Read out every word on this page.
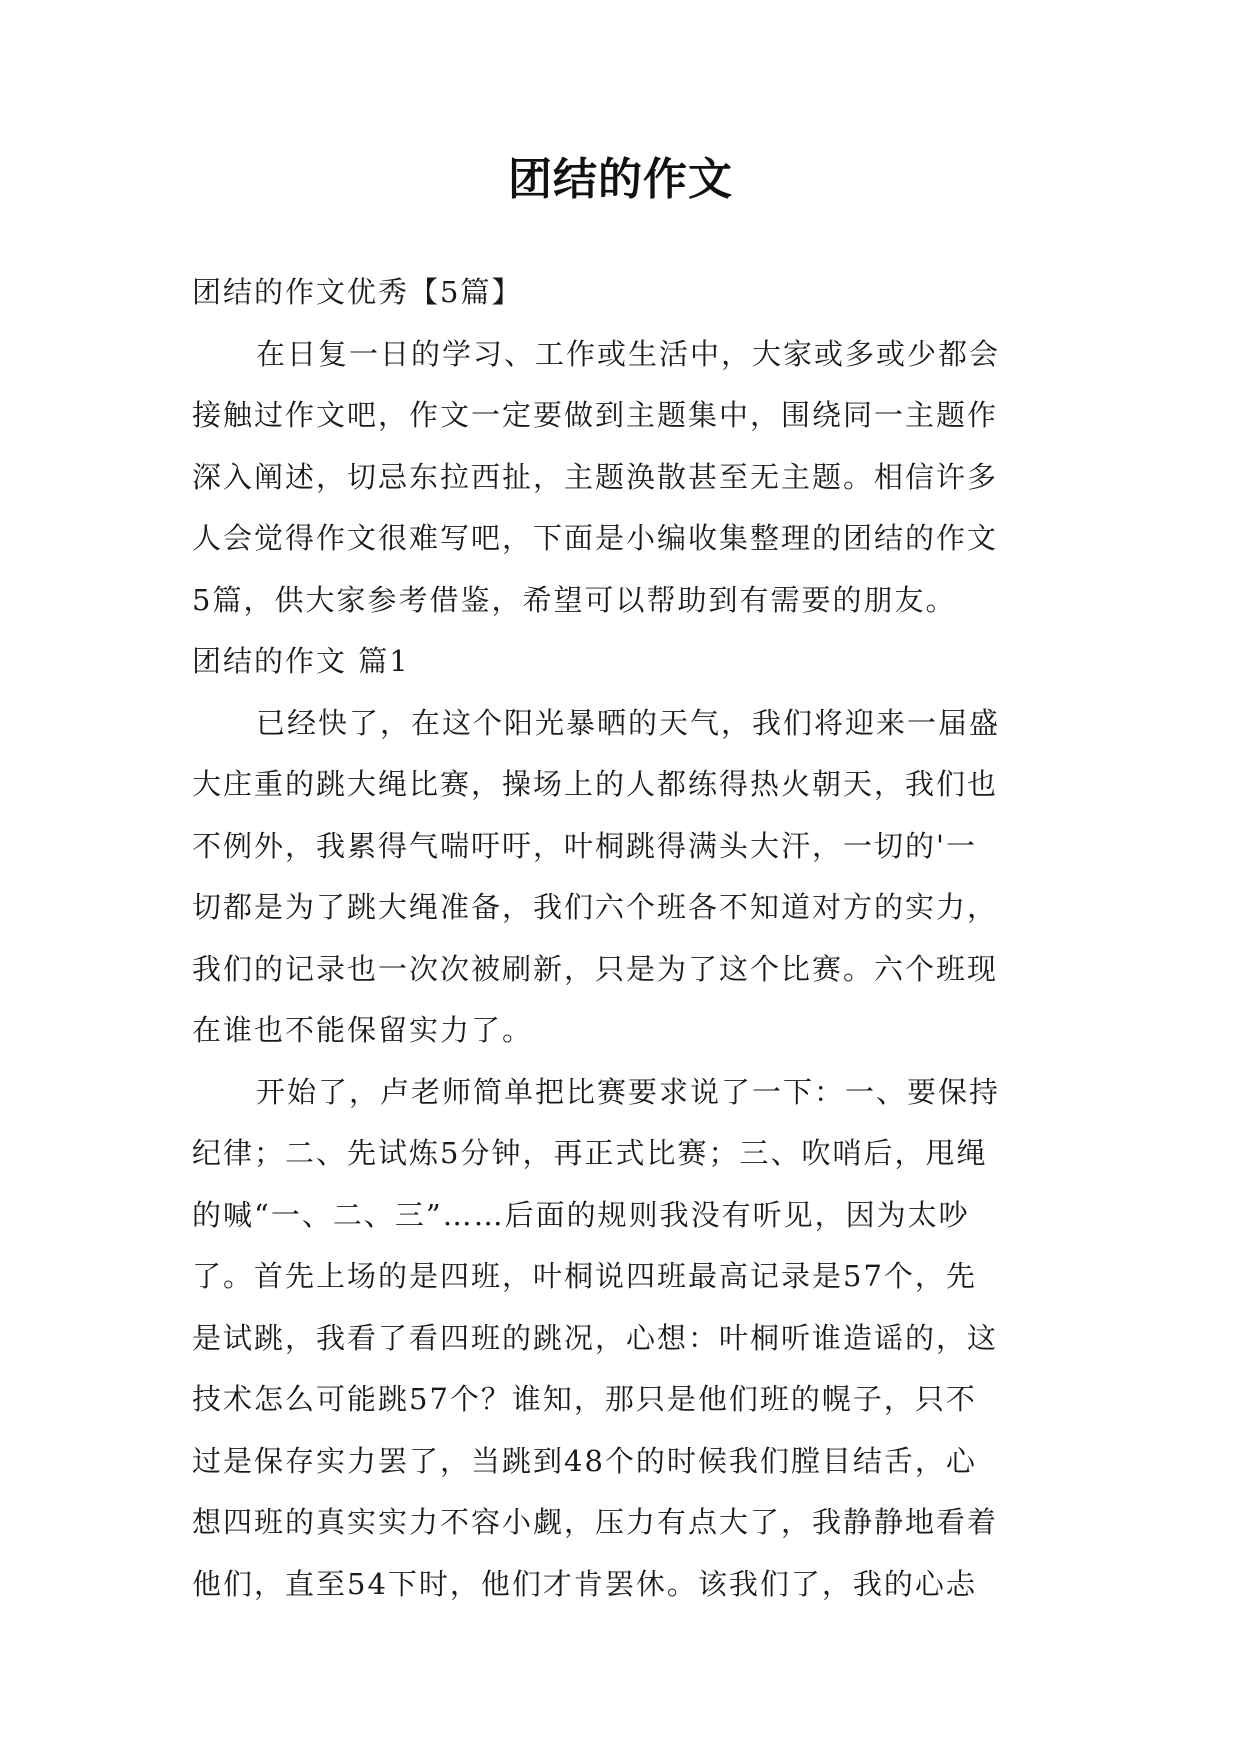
团结的作文
团结的作文优秀【5篇】
在日复一日的学习、工作或生活中，大家或多或少都会
接触过作文吧，作文一定要做到主题集中，围绕同一主题作
深入阐述，切忌东拉西扯，主题涣散甚至无主题。相信许多
人会觉得作文很难写吧，下面是小编收集整理的团结的作文
5篇，供大家参考借鉴，希望可以帮助到有需要的朋友。
团结的作文 篇1
已经快了，在这个阳光暴晒的天气，我们将迎来一届盛
大庄重的跳大绳比赛，操场上的人都练得热火朝天，我们也
不例外，我累得气喘吁吁，叶桐跳得满头大汗，一切的'一
切都是为了跳大绳准备，我们六个班各不知道对方的实力，
我们的记录也一次次被刷新，只是为了这个比赛。六个班现
在谁也不能保留实力了。
开始了，卢老师简单把比赛要求说了一下：一、要保持
纪律；二、先试炼5分钟，再正式比赛；三、吹哨后，甩绳
的喊“一、二、三”……后面的规则我没有听见，因为太吵
了。首先上场的是四班，叶桐说四班最高记录是57个，先
是试跳，我看了看四班的跳况，心想：叶桐听谁造谣的，这
技术怎么可能跳57个？谁知，那只是他们班的幌子，只不
过是保存实力罢了，当跳到48个的时候我们膛目结舌，心
想四班的真实实力不容小觑，压力有点大了，我静静地看着
他们，直至54下时，他们才肯罢休。该我们了，我的心忐
